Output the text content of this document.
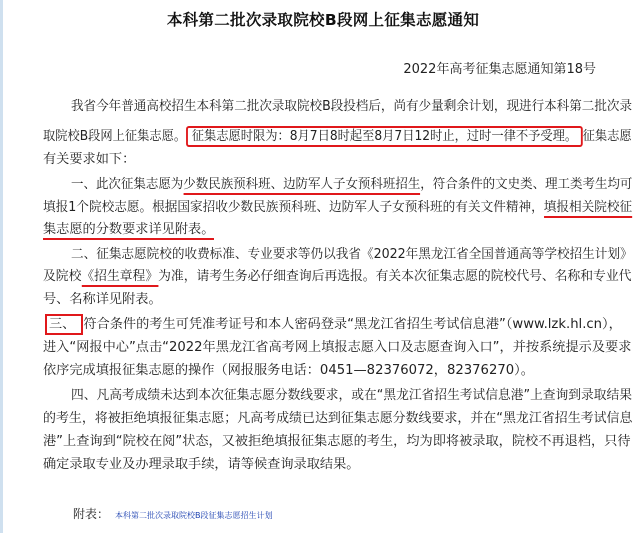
本科第二批次录取院校B段网上征集志愿通知
2022年高考征集志愿通知第18号
我省今年普通高校招生本科第二批次录取院校B段投档后，尚有少量剩余计划，现进行本科第二批次录
取院校B段网上征集志愿。 征集志愿时限为：8月7日8时起至8月7日12时止，过时一律不予受理。 征集志愿
有关要求如下：
一、此次征集志愿为少数民族预科班、边防军人子女预科班招生，符合条件的文史类、理工类考生均可
填报1个院校志愿。根据国家招收少数民族预科班、边防军人子女预科班的有关文件精神，填报相关院校征
集志愿的分数要求详见附表。
二、征集志愿院校的收费标准、专业要求等仍以我省《2022年黑龙江省全国普通高等学校招生计划》
及院校《招生章程》为准，请考生务必仔细查询后再选报。有关本次征集志愿的院校代号、名称和专业代
号、名称详见附表。
三、 符合条件的考生可凭准考证号和本人密码登录“黑龙江省招生考试信息港”（www.lzk.hl.cn），
进入“网报中心”点击“2022年黑龙江省高考网上填报志愿入口及志愿查询入口”，并按系统提示及要求
依序完成填报征集志愿的操作（网报服务电话：0451—82376072，82376270）。
四、凡高考成绩未达到本次征集志愿分数线要求，或在“黑龙江省招生考试信息港”上查询到录取结果
的考生，将被拒绝填报征集志愿；凡高考成绩已达到征集志愿分数线要求，并在“黑龙江省招生考试信息
港”上查询到“院校在阅”状态，又被拒绝填报征集志愿的考生，均为即将被录取，院校不再退档，只待
确定录取专业及办理录取手续，请等候查询录取结果。
附表： 本科第二批次录取院校B段征集志愿招生计划
